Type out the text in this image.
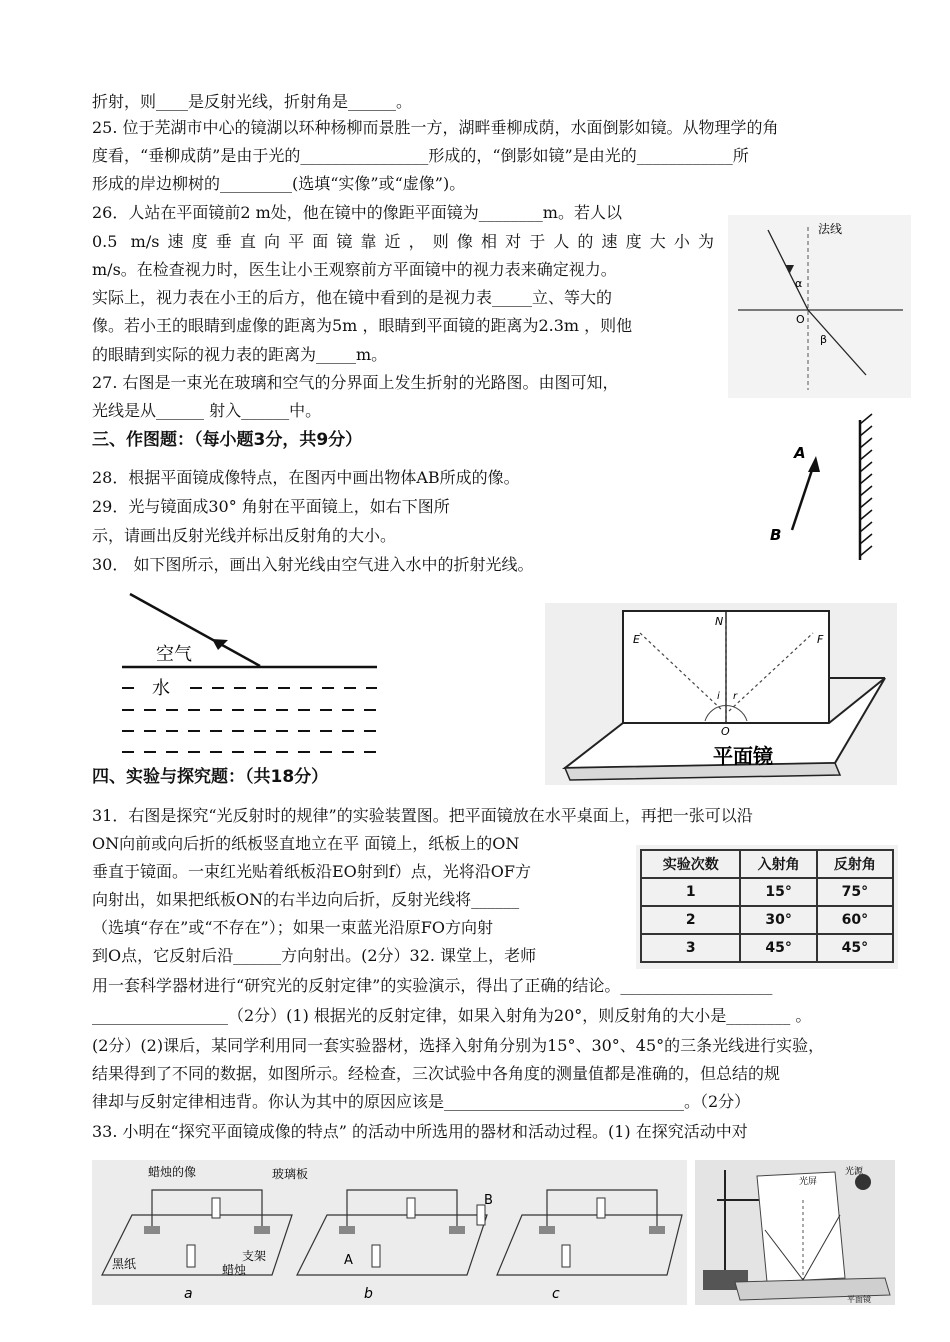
折射，则____是反射光线，折射角是______。
25. 位于芜湖市中心的镜湖以环种杨柳而景胜一方，湖畔垂柳成荫，水面倒影如镜。从物理学的角
度看，“垂柳成荫”是由于光的________________形成的，“倒影如镜”是由光的____________所
形成的岸边柳树的_________(选填“实像”或“虚像”)。
26．人站在平面镜前2 m处，他在镜中的像距平面镜为________m。若人以
0.5 m/s速度垂直向平面镜靠近，则像相对于人的速度大小为
m/s。在检查视力时，医生让小王观察前方平面镜中的视力表来确定视力。
实际上，视力表在小王的后方，他在镜中看到的是视力表_____立、等大的
像。若小王的眼睛到虚像的距离为5m ，眼睛到平面镜的距离为2.3m ，则他
的眼睛到实际的视力表的距离为_____m。
27. 右图是一束光在玻璃和空气的分界面上发生折射的光路图。由图可知，
光线是从______ 射入______中。
三、作图题：（每小题3分，共9分）
28．根据平面镜成像特点，在图丙中画出物体AB所成的像。
29．光与镜面成30° 角射在平面镜上，如右下图所
示，请画出反射光线并标出反射角的大小。
30． 如下图所示，画出入射光线由空气进入水中的折射光线。
四、实验与探究题：（共18分）
31．右图是探究“光反射时的规律”的实验装置图。把平面镜放在水平桌面上，再把一张可以沿
ON向前或向后折的纸板竖直地立在平 面镜上，纸板上的ON
垂直于镜面。一束红光贴着纸板沿EO射到f）点，光将沿OF方
向射出，如果把纸板ON的右半边向后折，反射光线将______
（选填“存在”或“不存在”）；如果一束蓝光沿原FO方向射
到O点，它反射后沿______方向射出。(2分）32. 课堂上，老师
用一套科学器材进行“研究光的反射定律”的实验演示，得出了正确的结论。___________________
_________________（2分）(1) 根据光的反射定律，如果入射角为20°，则反射角的大小是________ 。
(2分）(2)课后，某同学利用同一套实验器材，选择入射角分别为15°、30°、45°的三条光线进行实验，
结果得到了不同的数据，如图所示。经检查，三次试验中各角度的测量值都是准确的，但总结的规
律却与反射定律相违背。你认为其中的原因应该是______________________________。（2分）
33. 小明在“探究平面镜成像的特点” 的活动中所选用的器材和活动过程。(1) 在探究活动中对
法线
α
β
O
A
B
空气
水
E
N
F
i r
O
平面镜
实验次数	入射角	反射角
1	15°	75°
2	30°	60°
3	45°	45°
蜡烛的像	玻璃板
黑纸
支架
蜡烛
A
B
a	b	c
光屏
光源
平面镜
